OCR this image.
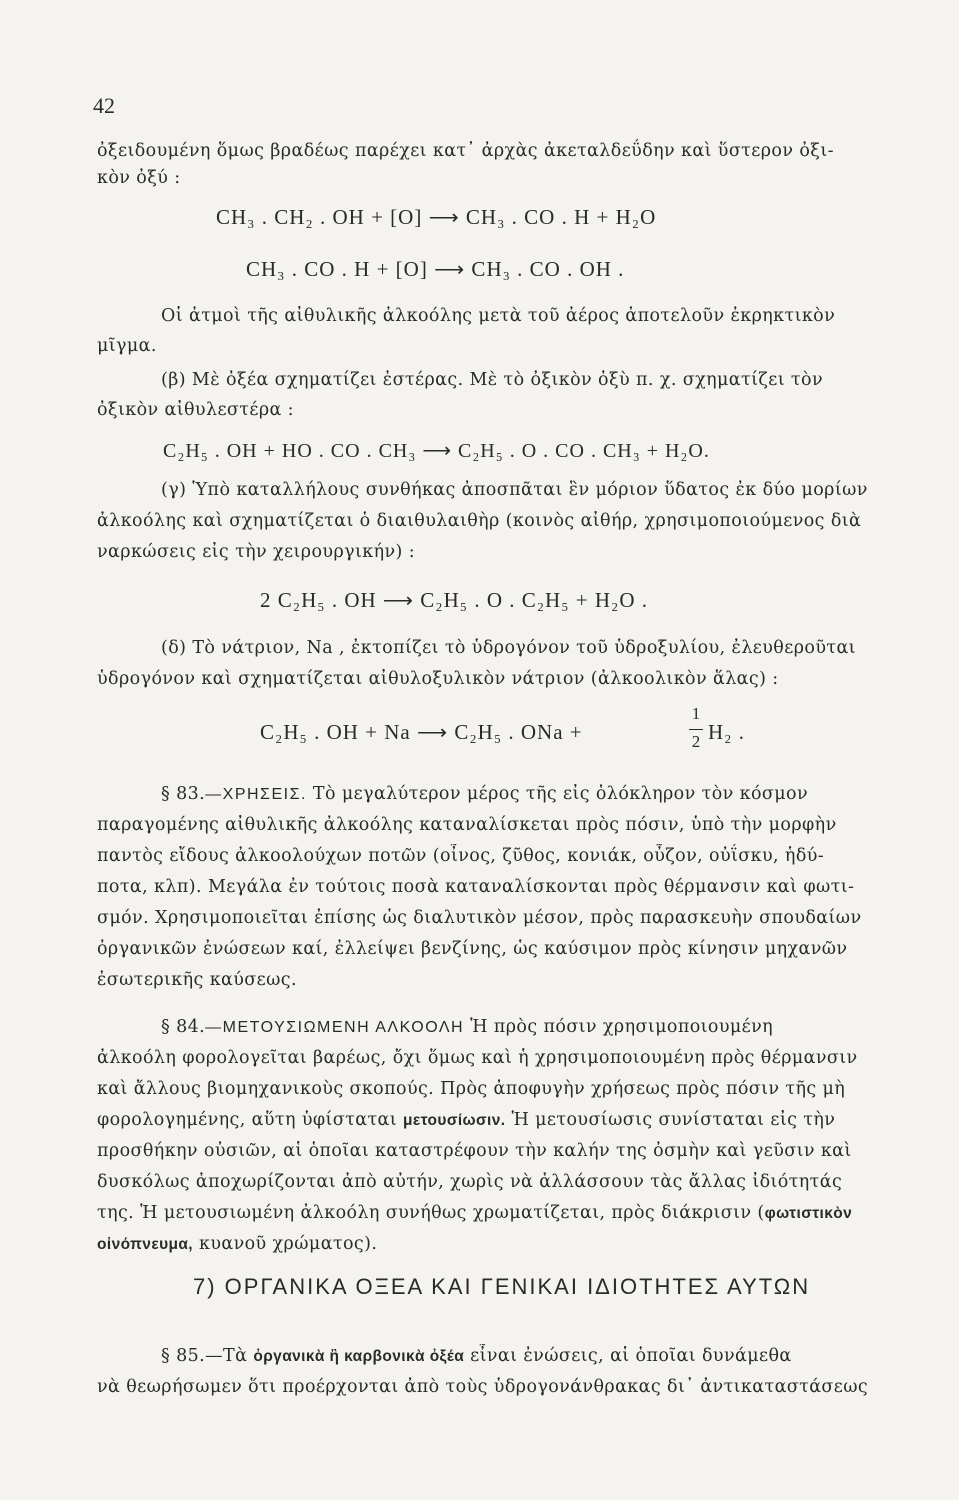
42
ὀξειδουμένη ὅμως βραδέως παρέχει κατ᾽ ἀρχὰς ἀκεταλδεΰδην καὶ ὕστερον ὀξι-
κὸν ὀξύ :
CH₃ . CH₂ . OH + [O] ⟶ CH₃ . CO . H + H₂O
CH₃ . CO . H + [O] ⟶ CH₃ . CO . OH .
Οἱ ἀτμοὶ τῆς αἰθυλικῆς ἀλκοόλης μετὰ τοῦ ἀέρος ἀποτελοῦν ἐκρηκτικὸν
μῖγμα.
(β) Μὲ ὀξέα σχηματίζει ἐστέρας. Μὲ τὸ ὀξικὸν ὀξὺ π. χ. σχηματίζει τὸν
ὀξικὸν αἰθυλεστέρα :
C₂H₅ . OH + HO . CO . CH₃ ⟶ C₂H₅ . O . CO . CH₃ + H₂O.
(γ) Ὑπὸ καταλλήλους συνθήκας ἀποσπᾶται ἓν μόριον ὕδατος ἐκ δύο μορίων
ἀλκοόλης καὶ σχηματίζεται ὁ διαιθυλαιθὴρ (κοινὸς αἰθήρ, χρησιμοποιούμενος διὰ
ναρκώσεις εἰς τὴν χειρουργικήν) :
2 C₂H₅ . OH ⟶ C₂H₅ . O . C₂H₅ + H₂O .
(δ) Τὸ νάτριον, Na , ἐκτοπίζει τὸ ὑδρογόνον τοῦ ὑδροξυλίου, ἐλευθεροῦται
ὑδρογόνον καὶ σχηματίζεται αἰθυλοξυλικὸν νάτριον (ἀλκοολικὸν ἅλας) :
C₂H₅ . OH + Na ⟶ C₂H₅ . ONa +
1
2 H₂ .
§ 83.—ΧΡΗΣΕΙΣ. Τὸ μεγαλύτερον μέρος τῆς εἰς ὁλόκληρον τὸν κόσμον
παραγομένης αἰθυλικῆς ἀλκοόλης καταναλίσκεται πρὸς πόσιν, ὑπὸ τὴν μορφὴν
παντὸς εἴδους ἀλκοολούχων ποτῶν (οἶνος, ζῦθος, κονιάκ, οὖζον, οὐΐσκυ, ἡδύ-
ποτα, κλπ). Μεγάλα ἐν τούτοις ποσὰ καταναλίσκονται πρὸς θέρμανσιν καὶ φωτι-
σμόν. Χρησιμοποιεῖται ἐπίσης ὡς διαλυτικὸν μέσον, πρὸς παρασκευὴν σπουδαίων
ὀργανικῶν ἐνώσεων καί, ἐλλείψει βενζίνης, ὡς καύσιμον πρὸς κίνησιν μηχανῶν
ἐσωτερικῆς καύσεως.
§ 84.—ΜΕΤΟΥΣΙΩΜΕΝΗ ΑΛΚΟΟΛΗ Ἡ πρὸς πόσιν χρησιμοποιουμένη
ἀλκοόλη φορολογεῖται βαρέως, ὄχι ὅμως καὶ ἡ χρησιμοποιουμένη πρὸς θέρμανσιν
καὶ ἄλλους βιομηχανικοὺς σκοπούς. Πρὸς ἀποφυγὴν χρήσεως πρὸς πόσιν τῆς μὴ
φορολογημένης, αὕτη ὑφίσταται μετουσίωσιν. Ἡ μετουσίωσις συνίσταται εἰς τὴν
προσθήκην οὐσιῶν, αἱ ὁποῖαι καταστρέφουν τὴν καλήν της ὀσμὴν καὶ γεῦσιν καὶ
δυσκόλως ἀποχωρίζονται ἀπὸ αὐτήν, χωρὶς νὰ ἀλλάσσουν τὰς ἄλλας ἰδιότητάς
της. Ἡ μετουσιωμένη ἀλκοόλη συνήθως χρωματίζεται, πρὸς διάκρισιν (φωτιστικὸν
οἰνόπνευμα, κυανοῦ χρώματος).
7) ΟΡΓΑΝΙΚΑ ΟΞΕΑ ΚΑΙ ΓΕΝΙΚΑΙ ΙΔΙΟΤΗΤΕΣ ΑΥΤΩΝ
§ 85.—Τὰ ὀργανικὰ ἢ καρβονικὰ ὀξέα εἶναι ἐνώσεις, αἱ ὁποῖαι δυνάμεθα
νὰ θεωρήσωμεν ὅτι προέρχονται ἀπὸ τοὺς ὑδρογονάνθρακας δι᾽ ἀντικαταστάσεως
